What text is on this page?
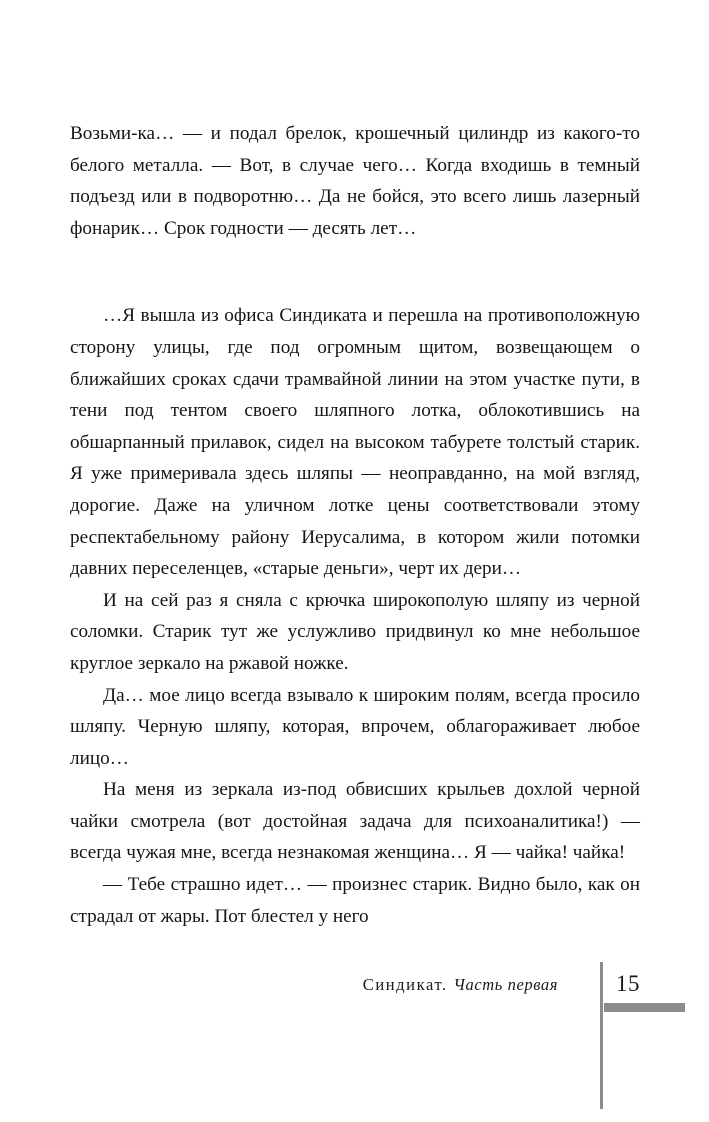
Возьми-ка… — и подал брелок, крошечный цилиндр из какого-то белого металла. — Вот, в случае чего… Когда входишь в темный подъезд или в подворотню… Да не бойся, это всего лишь лазерный фонарик… Срок годности — десять лет…

…Я вышла из офиса Синдиката и перешла на противоположную сторону улицы, где под огромным щитом, возвещающем о ближайших сроках сдачи трамвайной линии на этом участке пути, в тени под тентом своего шляпного лотка, облокотившись на обшарпанный прилавок, сидел на высоком табурете толстый старик. Я уже примеривала здесь шляпы — неоправданно, на мой взгляд, дорогие. Даже на уличном лотке цены соответствовали этому респектабельному району Иерусалима, в котором жили потомки давних переселенцев, «старые деньги», черт их дери…

И на сей раз я сняла с крючка широкополую шляпу из черной соломки. Старик тут же услужливо придвинул ко мне небольшое круглое зеркало на ржавой ножке.

Да… мое лицо всегда взывало к широким полям, всегда просило шляпу. Черную шляпу, которая, впрочем, облагораживает любое лицо…

На меня из зеркала из-под обвисших крыльев дохлой черной чайки смотрела (вот достойная задача для психоаналитика!) — всегда чужая мне, всегда незнакомая женщина… Я — чайка! чайка!

— Тебе страшно идет… — произнес старик. Видно было, как он страдал от жары. Пот блестел у него

Синдикат. Часть первая	15
